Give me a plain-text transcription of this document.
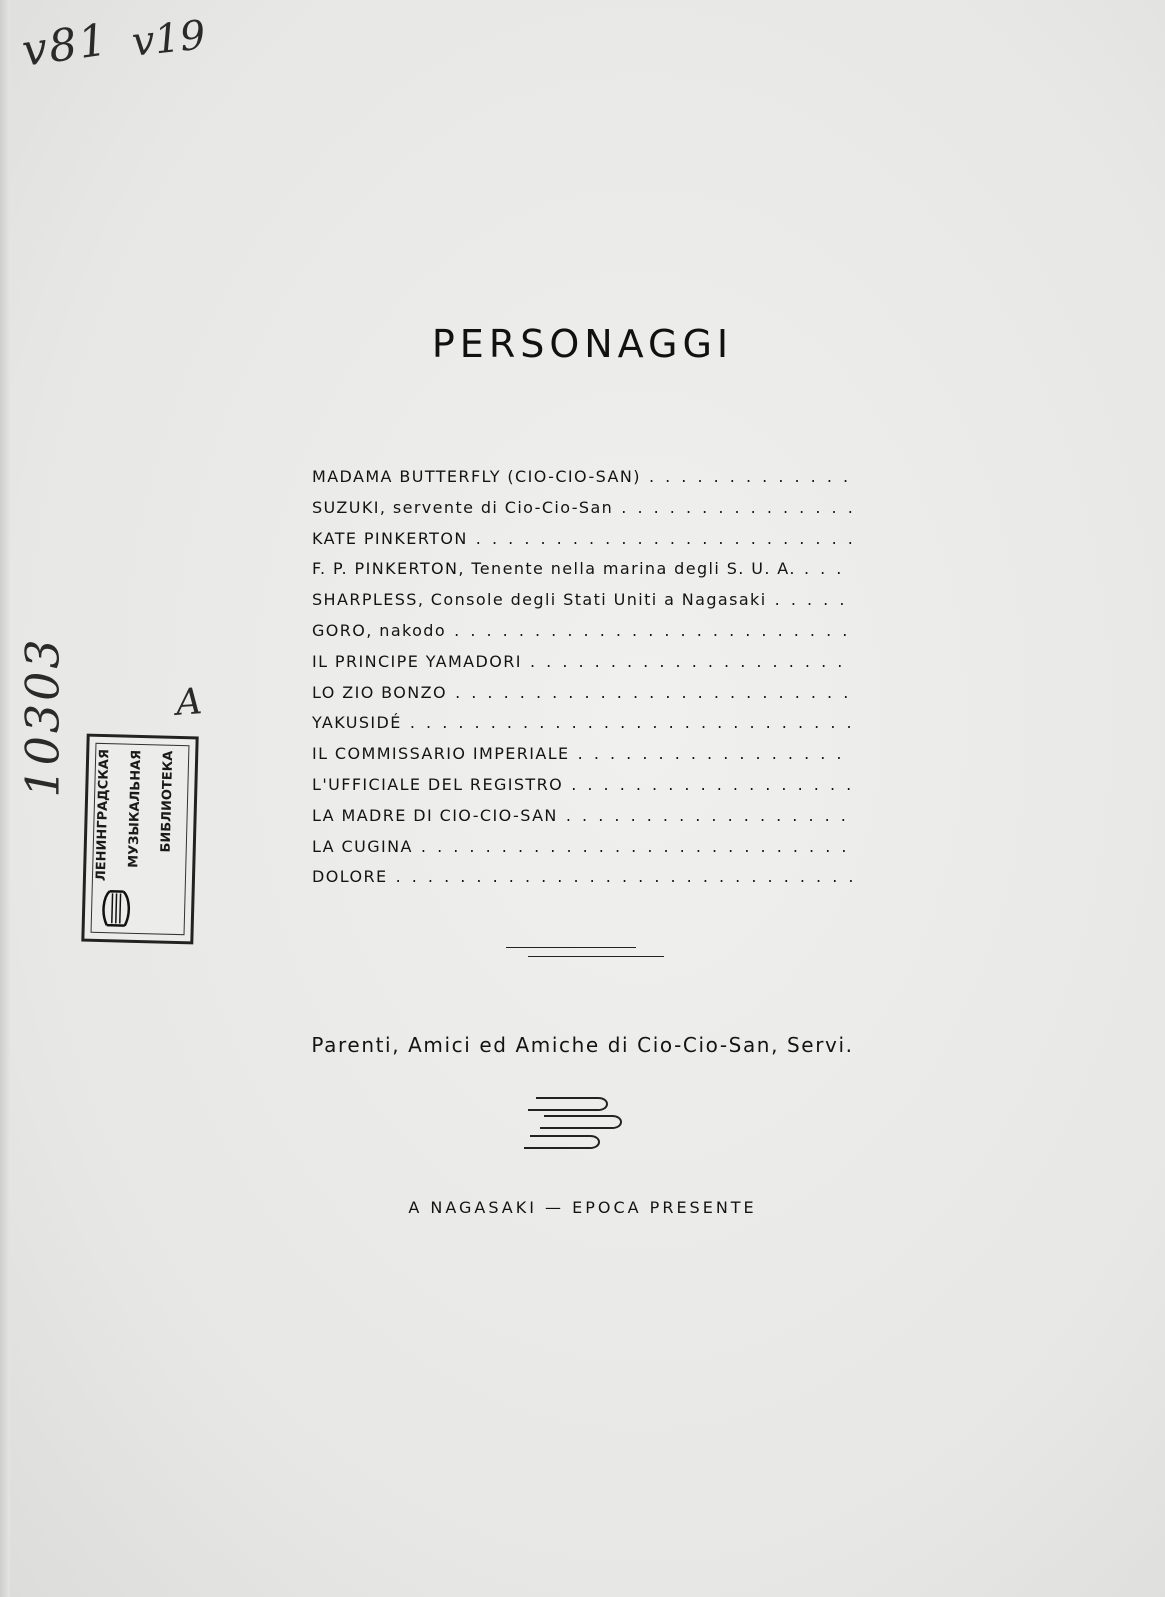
v81 v19
10303	A
ЛЕНИНГРАДСКАЯ МУЗЫКАЛЬНАЯ БИБЛИОТЕКА
PERSONAGGI
MADAMA BUTTERFLY (CIO-CIO-SAN) . . .
SUZUKI, servente di Cio-Cio-San . . .
KATE PINKERTON . . .
F. P. PINKERTON, Tenente nella marina degli S. U. A. . . .
SHARPLESS, Console degli Stati Uniti a Nagasaki . . .
GORO, nakodo . . .
IL PRINCIPE YAMADORI . . .
LO ZIO BONZO . . .
YAKUSIDÉ . . .
IL COMMISSARIO IMPERIALE . . .
L'UFFICIALE DEL REGISTRO . . .
LA MADRE DI CIO-CIO-SAN . . .
LA CUGINA . . .
DOLORE . . .
Parenti, Amici ed Amiche di Cio-Cio-San, Servi.
A NAGASAKI — EPOCA PRESENTE
